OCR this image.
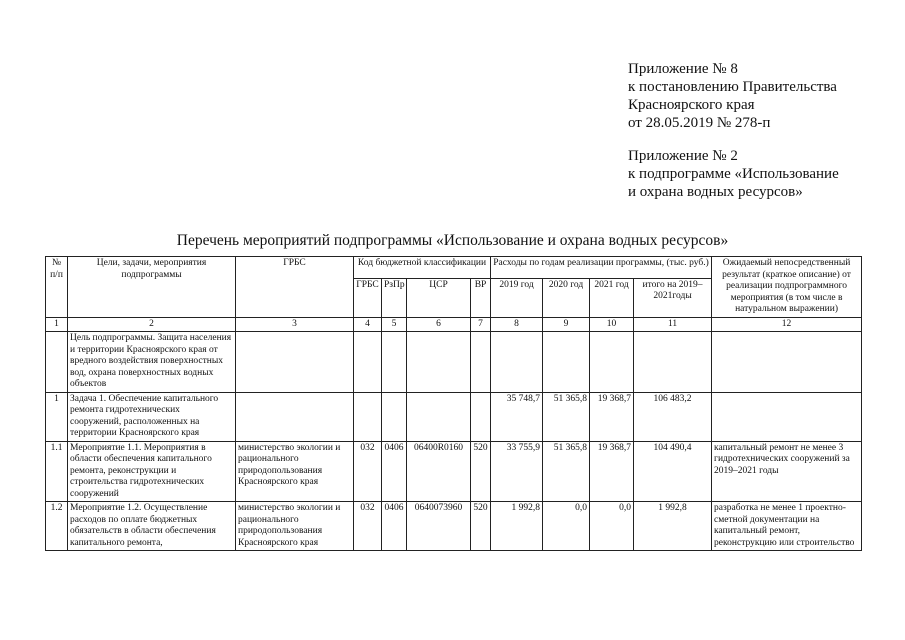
Приложение № 8
к постановлению Правительства
Красноярского края
от 28.05.2019 № 278-п
Приложение № 2
к подпрограмме «Использование
и охрана водных ресурсов»
Перечень мероприятий подпрограммы «Использование и охрана водных ресурсов»
№ п/п	Цели, задачи, мероприятия подпрограммы	ГРБС	Код бюджетной классификации				Расходы по годам реализации программы, (тыс. руб.)				Ожидаемый непосредственный результат (краткое описание) от реализации подпрограммного мероприятия (в том числе в натуральном выражении)
			ГРБС	РзПр	ЦСР	ВР	2019 год	2020 год	2021 год	итого на 2019–2021годы	
1	2	3	4	5	6	7	8	9	10	11	12
	Цель подпрограммы. Защита населения и территории Красноярского края от вредного воздействия поверхностных вод, охрана поверхностных водных объектов										
1	Задача 1. Обеспечение капитального ремонта гидротехнических сооружений, расположенных на территории Красноярского края						35 748,7	51 365,8	19 368,7	106 483,2	
1.1	Мероприятие 1.1. Мероприятия в области обеспечения капитального ремонта, реконструкции и строительства гидротехнических сооружений	министерство экологии и рационального природопользования Красноярского края	032	0406	06400R0160	520	33 755,9	51 365,8	19 368,7	104 490,4	капитальный ремонт не менее 3 гидротехнических сооружений за 2019–2021 годы
1.2	Мероприятие 1.2. Осуществление расходов по оплате бюджетных обязательств в области обеспечения капитального ремонта,	министерство экологии и рационального природопользования Красноярского края	032	0406	0640073960	520	1 992,8	0,0	0,0	1 992,8	разработка не менее 1 проектно-сметной документации на капитальный ремонт, реконструкцию или строительство
